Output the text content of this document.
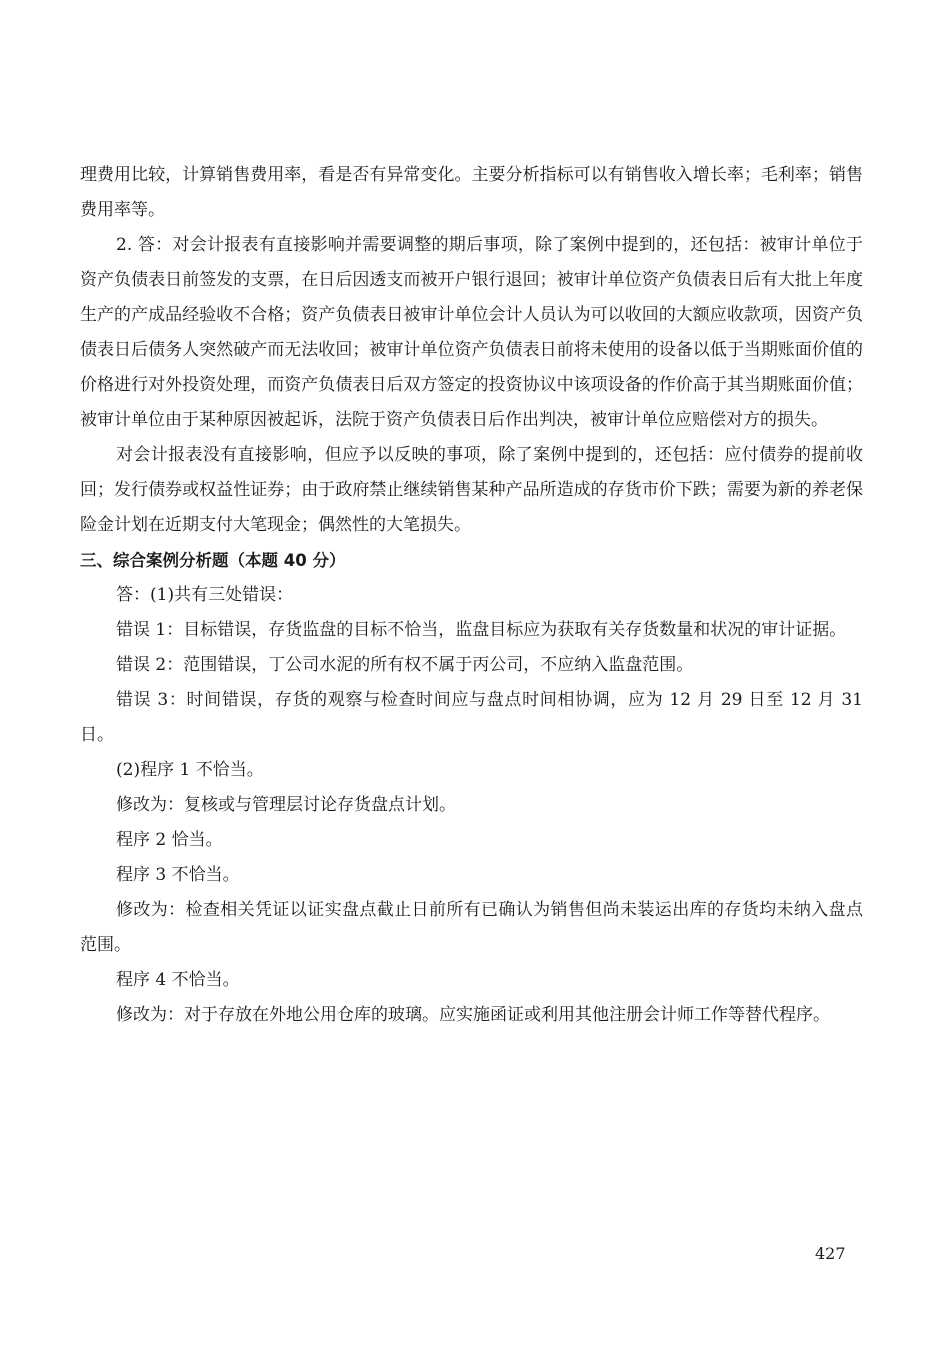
理费用比较，计算销售费用率，看是否有异常变化。主要分析指标可以有销售收入增长率；毛利率；销售费用率等。

2. 答：对会计报表有直接影响并需要调整的期后事项，除了案例中提到的，还包括：被审计单位于资产负债表日前签发的支票，在日后因透支而被开户银行退回；被审计单位资产负债表日后有大批上年度生产的产成品经验收不合格；资产负债表日被审计单位会计人员认为可以收回的大额应收款项，因资产负债表日后债务人突然破产而无法收回；被审计单位资产负债表日前将未使用的设备以低于当期账面价值的价格进行对外投资处理，而资产负债表日后双方签定的投资协议中该项设备的作价高于其当期账面价值；被审计单位由于某种原因被起诉，法院于资产负债表日后作出判决，被审计单位应赔偿对方的损失。

对会计报表没有直接影响，但应予以反映的事项，除了案例中提到的，还包括：应付债券的提前收回；发行债券或权益性证券；由于政府禁止继续销售某种产品所造成的存货市价下跌；需要为新的养老保险金计划在近期支付大笔现金；偶然性的大笔损失。

三、综合案例分析题（本题 40 分）

答：(1)共有三处错误：

错误 1：目标错误，存货监盘的目标不恰当，监盘目标应为获取有关存货数量和状况的审计证据。

错误 2：范围错误，丁公司水泥的所有权不属于丙公司，不应纳入监盘范围。

错误 3：时间错误，存货的观察与检查时间应与盘点时间相协调，应为 12 月 29 日至 12 月 31 日。

(2)程序 1 不恰当。

修改为：复核或与管理层讨论存货盘点计划。

程序 2 恰当。

程序 3 不恰当。

修改为：检查相关凭证以证实盘点截止日前所有已确认为销售但尚未装运出库的存货均未纳入盘点范围。

程序 4 不恰当。

修改为：对于存放在外地公用仓库的玻璃。应实施函证或利用其他注册会计师工作等替代程序。

427
